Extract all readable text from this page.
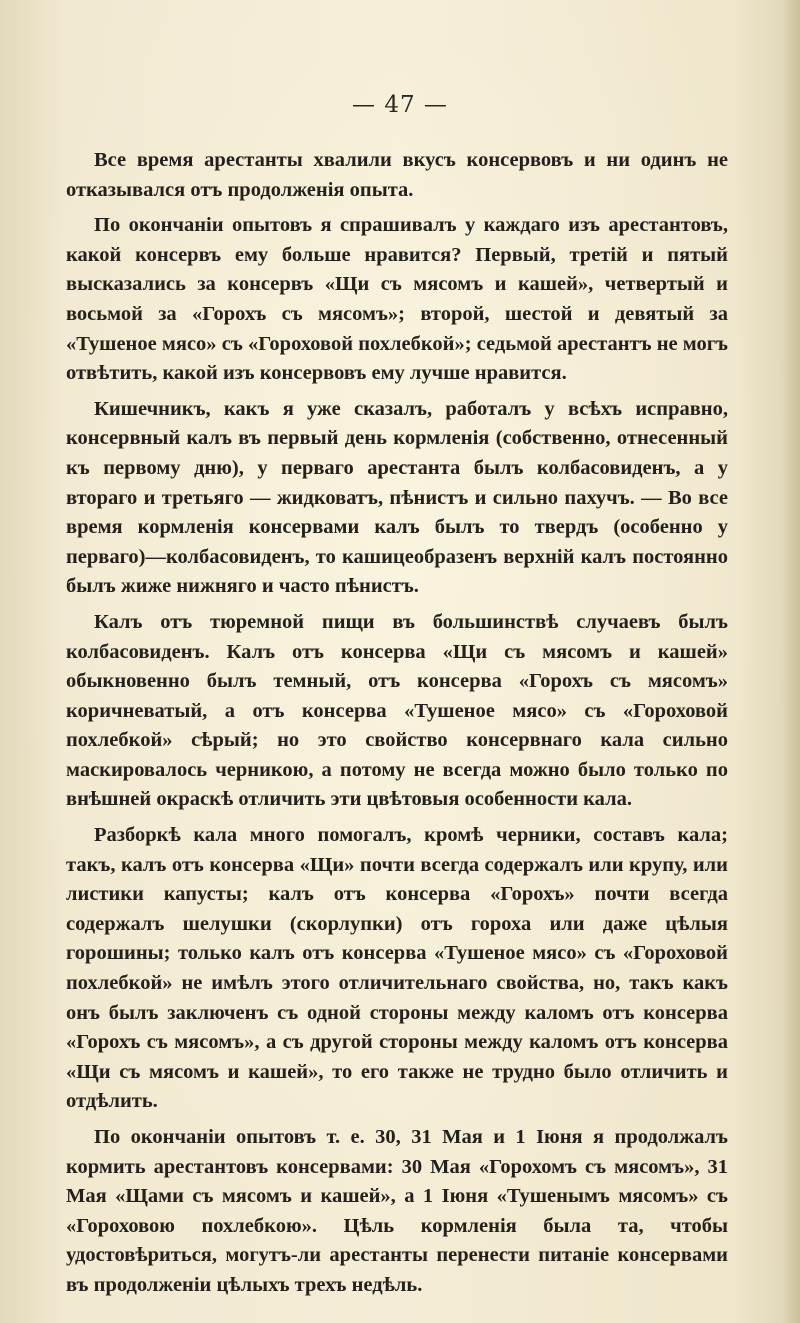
— 47 —

Все время арестанты хвалили вкусъ консервовъ и ни одинъ не отказывался отъ продолженія опыта.

По окончаніи опытовъ я спрашивалъ у каждаго изъ арестантовъ, какой консервъ ему больше нравится? Первый, третій и пятый высказались за консервъ «Щи съ мясомъ и кашей», четвертый и восьмой за «Горохъ съ мясомъ»; второй, шестой и девятый за «Тушеное мясо» съ «Гороховой похлебкой»; седьмой арестантъ не могъ отвѣтить, какой изъ консервовъ ему лучше нравится.

Кишечникъ, какъ я уже сказалъ, работалъ у всѣхъ исправно, консервный калъ въ первый день кормленія (собственно, отнесенный къ первому дню), у перваго арестанта былъ колбасовиденъ, а у втораго и третьяго — жидковатъ, пѣнистъ и сильно пахучъ. — Во все время кормленія консервами калъ былъ то твердъ (особенно у перваго)—колбасовиденъ, то кашицеобразенъ верхній калъ постоянно былъ жиже нижняго и часто пѣнистъ.

Калъ отъ тюремной пищи въ большинствѣ случаевъ былъ колбасовиденъ. Калъ отъ консерва «Щи съ мясомъ и кашей» обыкновенно былъ темный, отъ консерва «Горохъ съ мясомъ» коричневатый, а отъ консерва «Тушеное мясо» съ «Гороховой похлебкой» сѣрый; но это свойство консервнаго кала сильно маскировалось черникою, а потому не всегда можно было только по внѣшней окраскѣ отличить эти цвѣтовыя особенности кала.

Разборкѣ кала много помогалъ, кромѣ черники, составъ кала; такъ, калъ отъ консерва «Щи» почти всегда содержалъ или крупу, или листики капусты; калъ отъ консерва «Горохъ» почти всегда содержалъ шелушки (скорлупки) отъ гороха или даже цѣлыя горошины; только калъ отъ консерва «Тушеное мясо» съ «Гороховой похлебкой» не имѣлъ этого отличительнаго свойства, но, такъ какъ онъ былъ заключенъ съ одной стороны между каломъ отъ консерва «Горохъ съ мясомъ», а съ другой стороны между каломъ отъ консерва «Щи съ мясомъ и кашей», то его также не трудно было отличить и отдѣлить.

По окончаніи опытовъ т. е. 30, 31 Мая и 1 Іюня я продолжалъ кормить арестантовъ консервами: 30 Мая «Горохомъ съ мясомъ», 31 Мая «Щами съ мясомъ и кашей», а 1 Іюня «Тушенымъ мясомъ» съ «Гороховою похлебкою». Цѣль кормленія была та, чтобы удостовѣриться, могутъ-ли арестанты перенести питаніе консервами въ продолженіи цѣлыхъ трехъ недѣль.
